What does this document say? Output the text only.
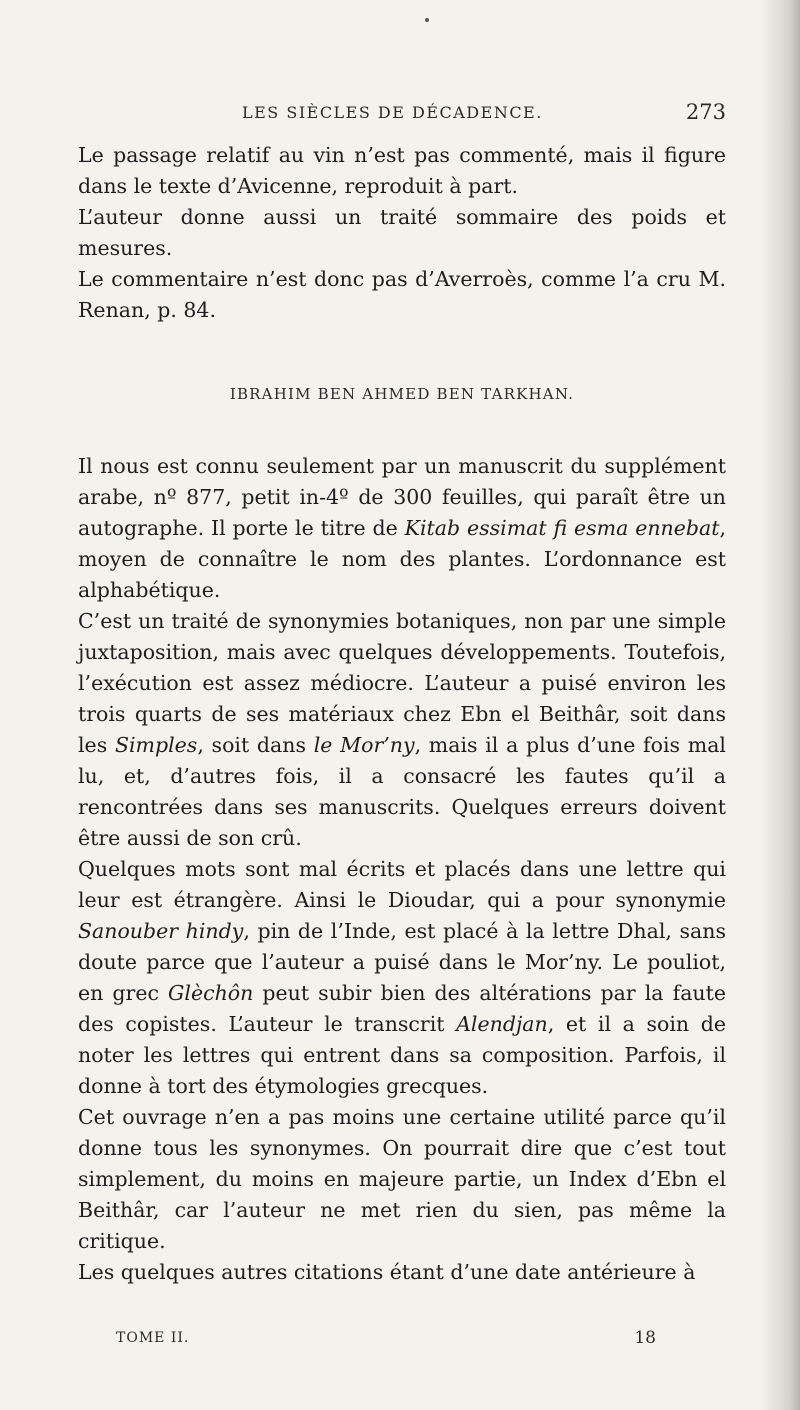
LES SIÈCLES DE DÉCADENCE.	273

Le passage relatif au vin n’est pas commenté, mais il figure dans le texte d’Avicenne, reproduit à part.

L’auteur donne aussi un traité sommaire des poids et mesures.

Le commentaire n’est donc pas d’Averroès, comme l’a cru M. Renan, p. 84.

IBRAHIM BEN AHMED BEN TARKHAN.

Il nous est connu seulement par un manuscrit du supplément arabe, nº 877, petit in-4º de 300 feuilles, qui paraît être un autographe. Il porte le titre de Kitab essimat fi esma ennebat, moyen de connaître le nom des plantes. L’ordonnance est alphabétique.

C’est un traité de synonymies botaniques, non par une simple juxtaposition, mais avec quelques développements. Toutefois, l’exécution est assez médiocre. L’auteur a puisé environ les trois quarts de ses matériaux chez Ebn el Beithâr, soit dans les Simples, soit dans le Mor’ny, mais il a plus d’une fois mal lu, et, d’autres fois, il a consacré les fautes qu’il a rencontrées dans ses manuscrits. Quelques erreurs doivent être aussi de son crû.

Quelques mots sont mal écrits et placés dans une lettre qui leur est étrangère. Ainsi le Dioudar, qui a pour synonymie Sanouber hindy, pin de l’Inde, est placé à la lettre Dhal, sans doute parce que l’auteur a puisé dans le Mor’ny. Le pouliot, en grec Glèchôn peut subir bien des altérations par la faute des copistes. L’auteur le transcrit Alendjan, et il a soin de noter les lettres qui entrent dans sa composition. Parfois, il donne à tort des étymologies grecques.

Cet ouvrage n’en a pas moins une certaine utilité parce qu’il donne tous les synonymes. On pourrait dire que c’est tout simplement, du moins en majeure partie, un Index d’Ebn el Beithâr, car l’auteur ne met rien du sien, pas même la critique.

Les quelques autres citations étant d’une date antérieure à

TOME II.	18
